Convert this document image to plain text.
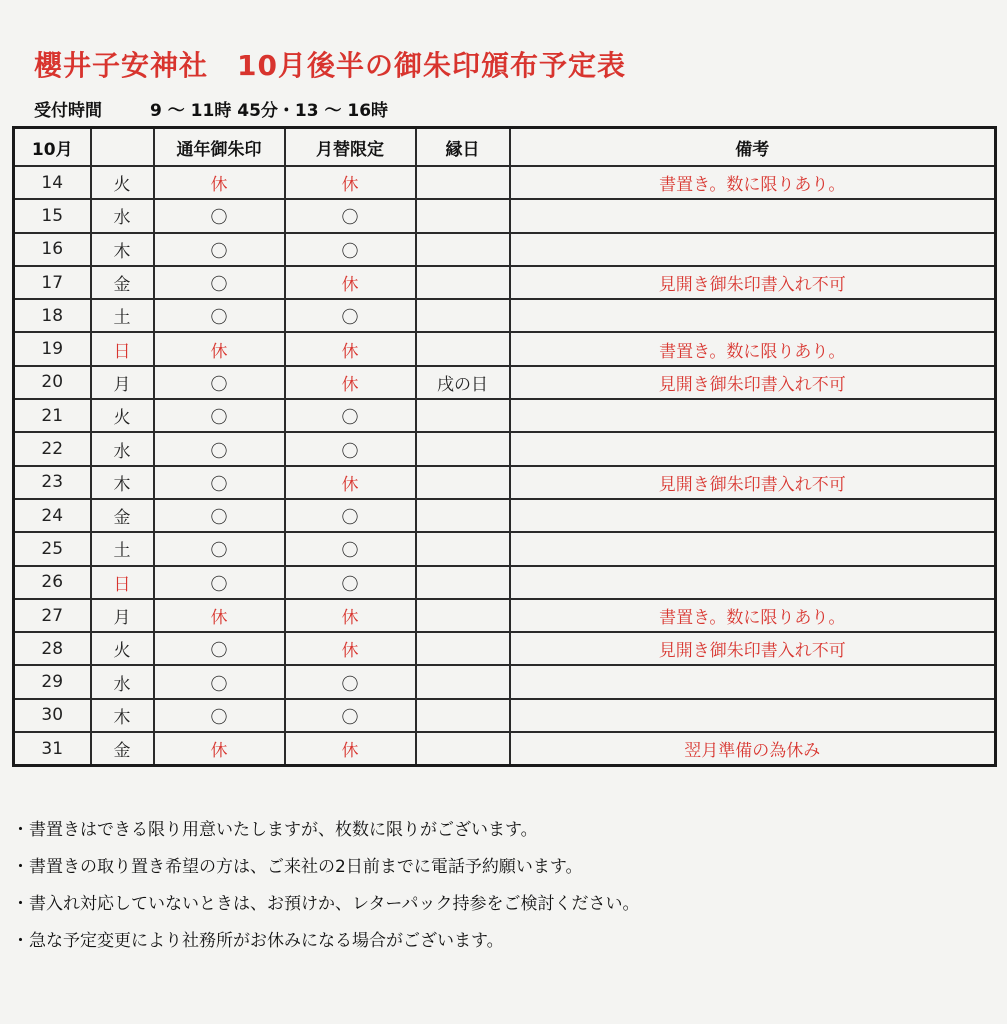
櫻井子安神社　10月後半の御朱印頒布予定表
受付時間	9 ～ 11時 45分・13 ～ 16時
10月		通年御朱印	月替限定	縁日	備考
14	火	休	休		書置き。数に限りあり。
15	水	〇	〇		
16	木	〇	〇		
17	金	〇	休		見開き御朱印書入れ不可
18	土	〇	〇		
19	日	休	休		書置き。数に限りあり。
20	月	〇	休	戌の日	見開き御朱印書入れ不可
21	火	〇	〇		
22	水	〇	〇		
23	木	〇	休		見開き御朱印書入れ不可
24	金	〇	〇		
25	土	〇	〇		
26	日	〇	〇		
27	月	休	休		書置き。数に限りあり。
28	火	〇	休		見開き御朱印書入れ不可
29	水	〇	〇		
30	木	〇	〇		
31	金	休	休		翌月準備の為休み
・書置きはできる限り用意いたしますが、枚数に限りがございます。
・書置きの取り置き希望の方は、ご来社の2日前までに電話予約願います。
・書入れ対応していないときは、お預けか、レターパック持参をご検討ください。
・急な予定変更により社務所がお休みになる場合がございます。
